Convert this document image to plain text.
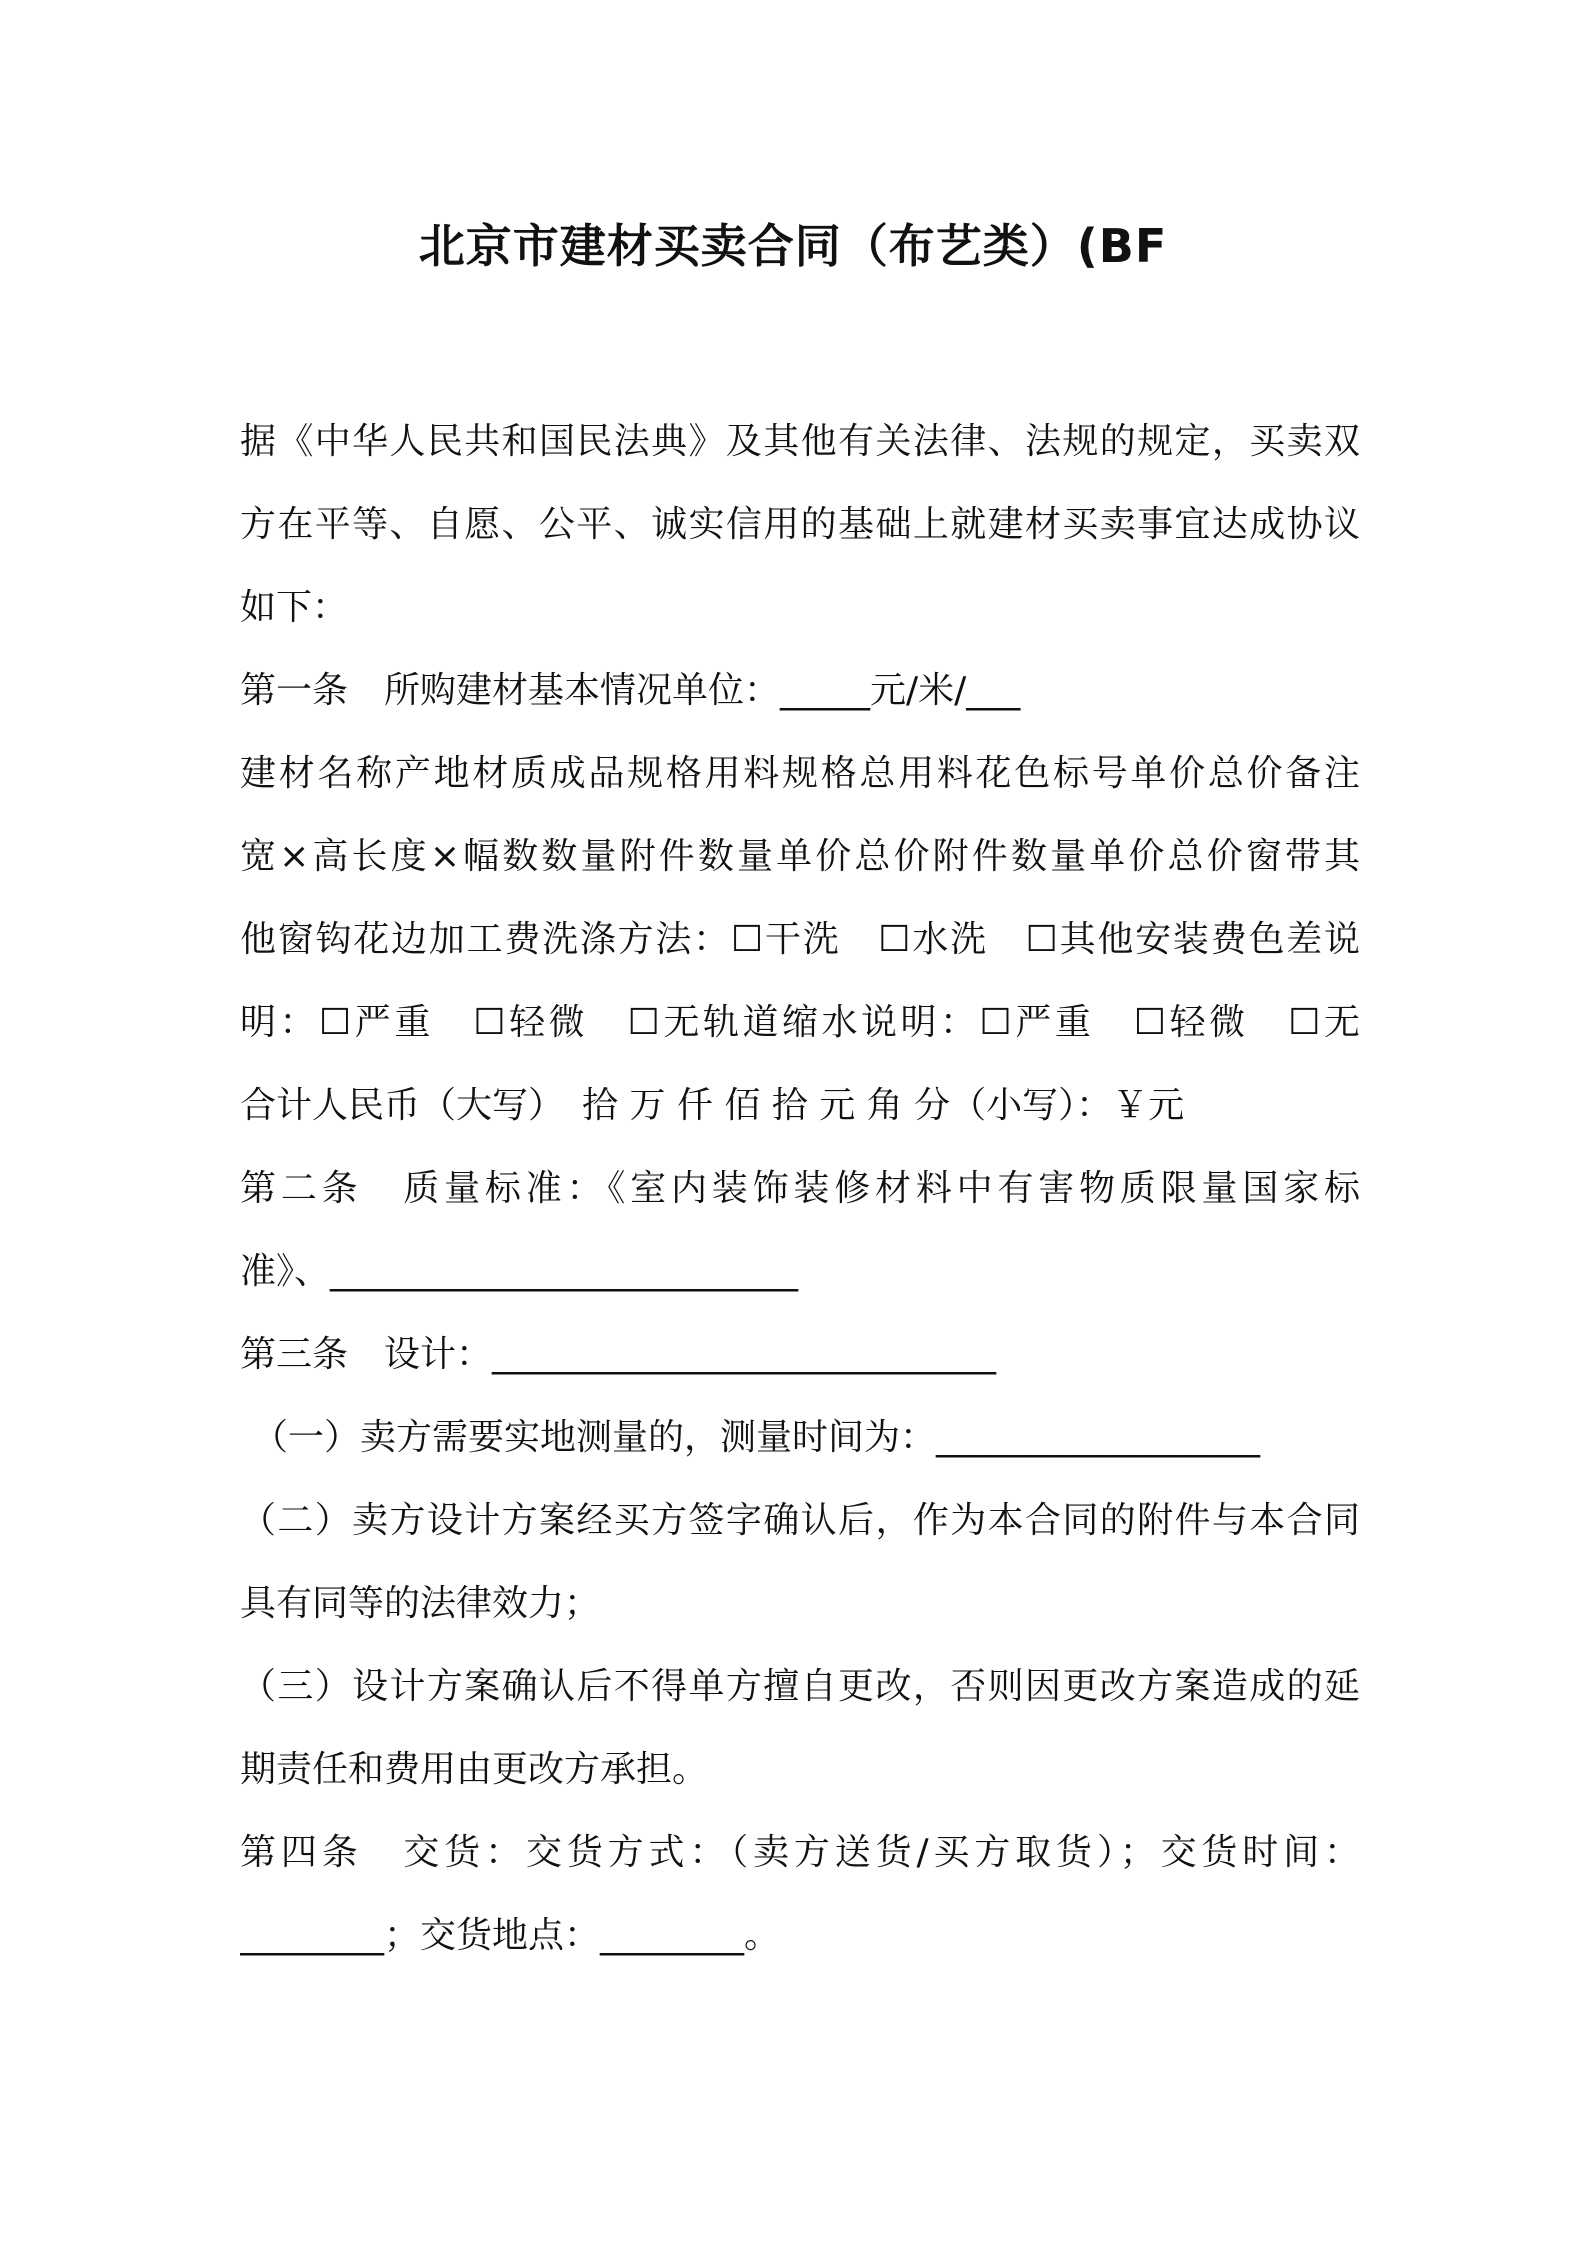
北京市建材买卖合同（布艺类）(BF
据《中华人民共和国民法典》及其他有关法律、法规的规定，买卖双
方在平等、自愿、公平、诚实信用的基础上就建材买卖事宜达成协议
如下：
第一条　所购建材基本情况单位：_____元/米/___
建材名称产地材质成品规格用料规格总用料花色标号单价总价备注
宽×高长度×幅数数量附件数量单价总价附件数量单价总价窗带其
他窗钩花边加工费洗涤方法：☐干洗　☐水洗　☐其他安装费色差说
明：☐严重　☐轻微　☐无轨道缩水说明：☐严重　☐轻微　☐无
合计人民币（大写）　拾 万 仟 佰 拾 元 角 分（小写）：￥元
第二条　质量标准：《室内装饰装修材料中有害物质限量国家标
准》、__________________________
第三条　设计：____________________________
（一）卖方需要实地测量的，测量时间为：__________________
（二）卖方设计方案经买方签字确认后，作为本合同的附件与本合同
具有同等的法律效力；
（三）设计方案确认后不得单方擅自更改，否则因更改方案造成的延
期责任和费用由更改方承担。
第四条　交货：交货方式：（卖方送货/买方取货）；交货时间：
________；交货地点：________。
